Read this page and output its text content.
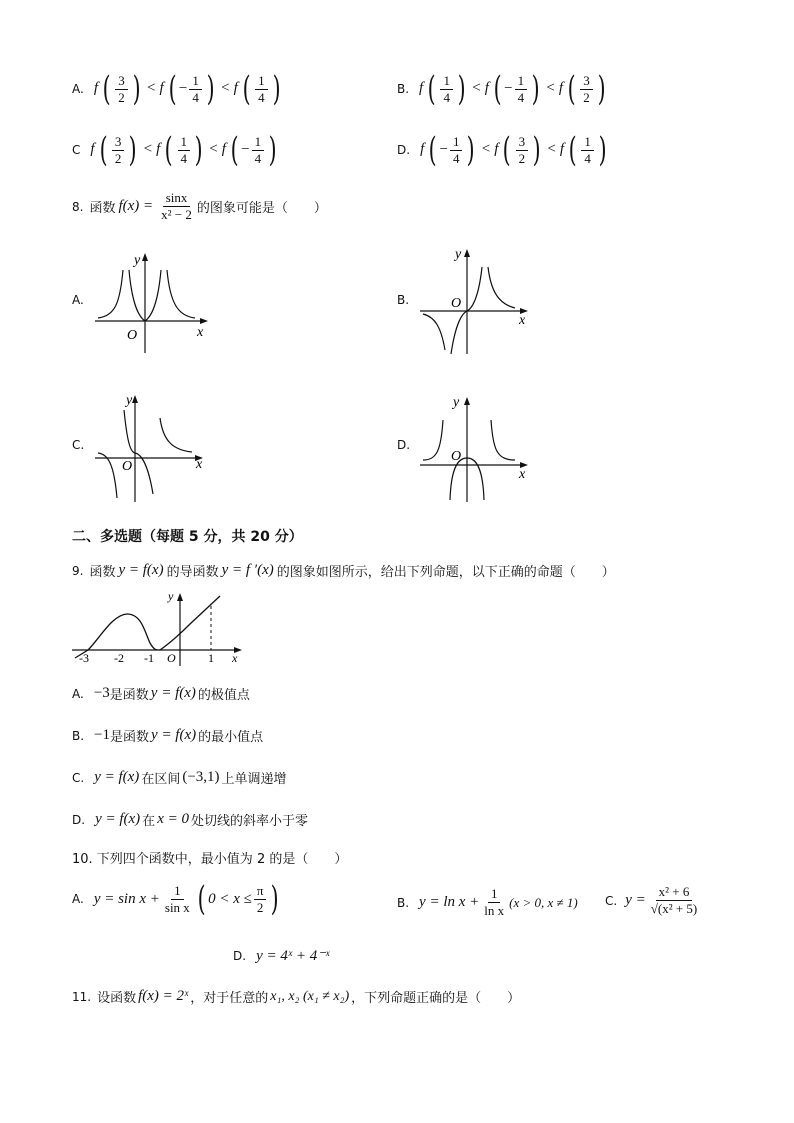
A. f ( $\frac{3}{2}$ ) < f ( − $\frac{1}{4}$ ) < f ( $\frac{1}{4}$ )	B. f ( $\frac{1}{4}$ ) < f ( − $\frac{1}{4}$ ) < f ( $\frac{3}{2}$ )
C f ( $\frac{3}{2}$ ) < f ( $\frac{1}{4}$ ) < f ( − $\frac{1}{4}$ )	D. f ( − $\frac{1}{4}$ ) < f ( $\frac{3}{2}$ ) < f ( $\frac{1}{4}$ )
8. 函数 $f(x) = \frac{\sin x}{\text{x² − 2}}$ 的图象可能是（　　）
A.
y
x
O
B.
y
x
O
C.
y
x
O
D.
y
x
O
二、多选题（每题 5 分，共 20 分）
9. 函数 y = f(x) 的导函数 y = f ′(x) 的图象如图所示，给出下列命题，以下正确的命题（　　）
-3 -2 -1 O	1 x
y
A. −3 是函数 y = f(x) 的极值点
B. −1 是函数 y = f(x) 的最小值点
C. y = f(x) 在区间 (−3,1) 上单调递增
D. y = f(x) 在 x = 0 处切线的斜率小于零
10. 下列四个函数中，最小值为 2 的是（　　）
A. $y = \sin x + \frac{1}{\text{sin x}}$ ( $0 < x \le \frac{\pi}{2}$ )	B. $y = \ln x + \frac{1}{\text{ln x}} (x > 0$, x ≠ 1) C. $y = \frac{\text{x² + 6}}{\text{√(x² + 5)}}$
D. y = 4ˣ + 4⁻ˣ
11. 设函数 f(x) = 2ˣ ，对于任意的 x₁, x₂ (x₁ ≠ x₂) ，下列命题正确的是（　　）
